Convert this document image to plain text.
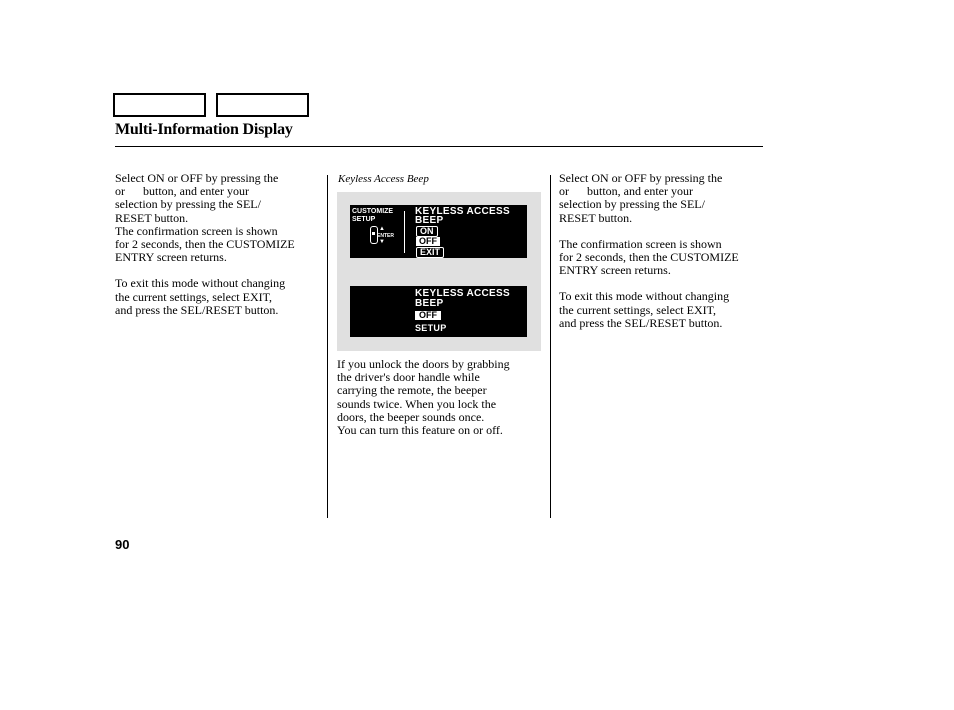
Multi-Information Display

Select ON or OFF by pressing the

or      button, and enter your

selection by pressing the SEL/

RESET button.

The confirmation screen is shown

for 2 seconds, then the CUSTOMIZE

ENTRY screen returns.

To exit this mode without changing

the current settings, select EXIT,

and press the SEL/RESET button.

Keyless Access Beep
CUSTOMIZE
SETUP
▲
▼
ENTER
KEYLESS ACCESS
BEEP
ON
OFF
EXIT
KEYLESS ACCESS
BEEP
OFF
SETUP

If you unlock the doors by grabbing

the driver's door handle while

carrying the remote, the beeper

sounds twice. When you lock the

doors, the beeper sounds once.

You can turn this feature on or off.

Select ON or OFF by pressing the

or      button, and enter your

selection by pressing the SEL/

RESET button.

The confirmation screen is shown

for 2 seconds, then the CUSTOMIZE

ENTRY screen returns.

To exit this mode without changing

the current settings, select EXIT,

and press the SEL/RESET button.

90
